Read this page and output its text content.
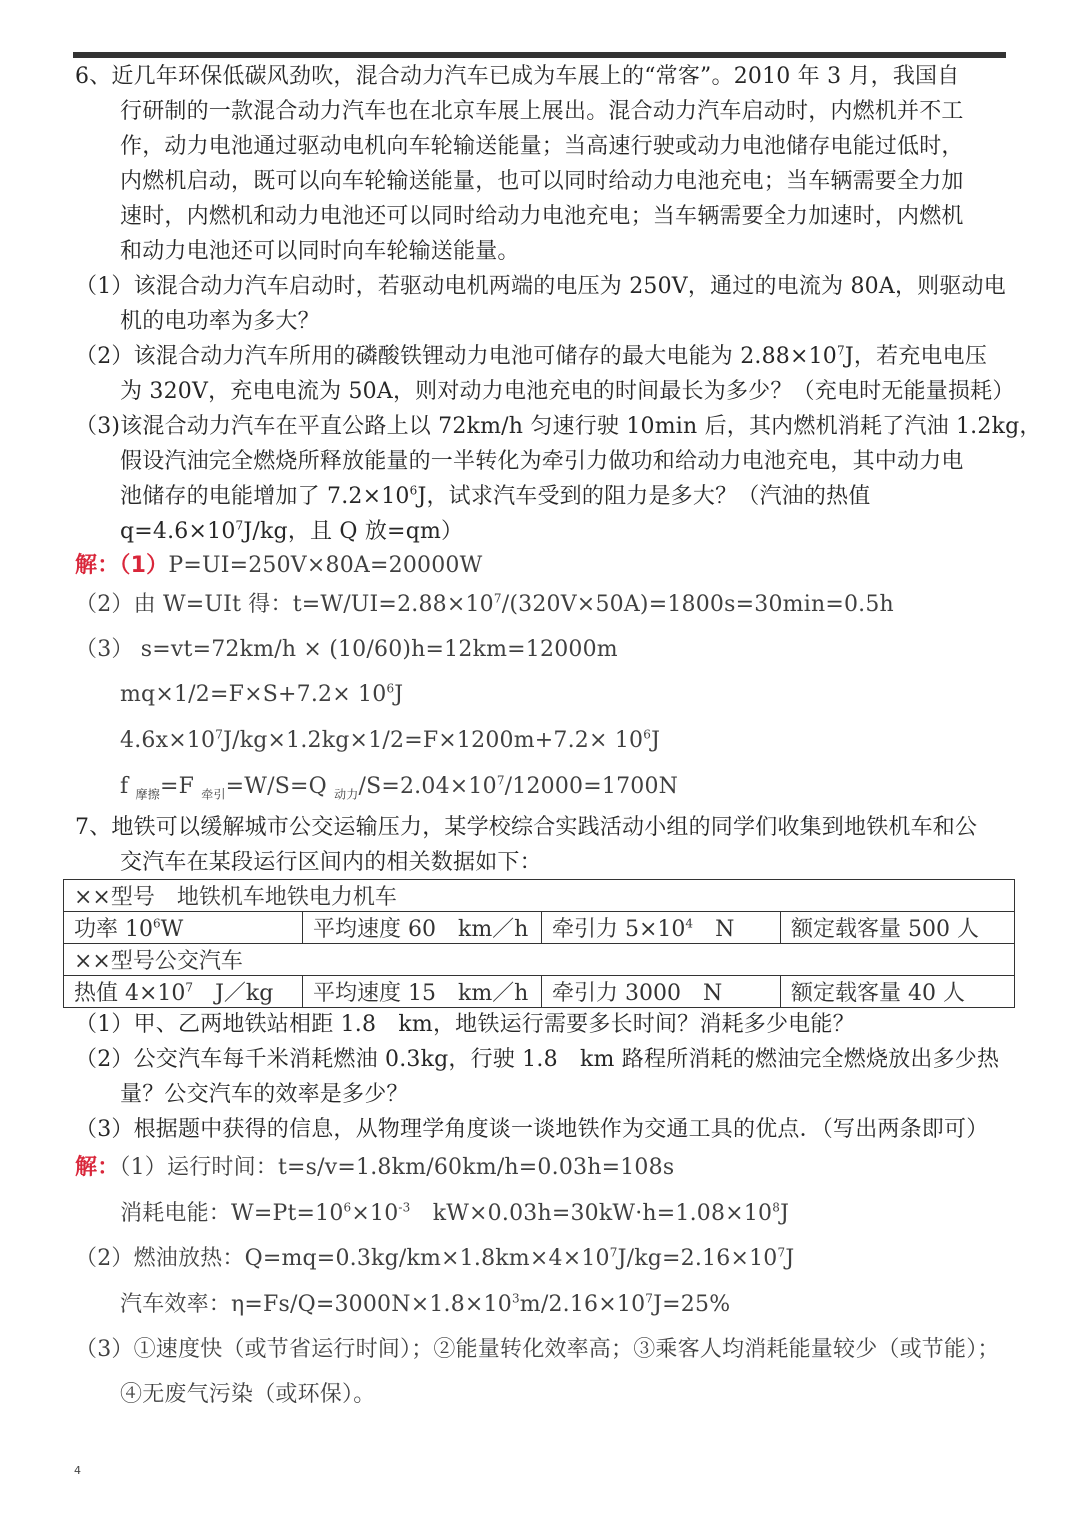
6、近几年环保低碳风劲吹，混合动力汽车已成为车展上的“常客”。2010 年 3 月，我国自
行研制的一款混合动力汽车也在北京车展上展出。混合动力汽车启动时，内燃机并不工
作，动力电池通过驱动电机向车轮输送能量；当高速行驶或动力电池储存电能过低时，
内燃机启动，既可以向车轮输送能量，也可以同时给动力电池充电；当车辆需要全力加
速时，内燃机和动力电池还可以同时给动力电池充电；当车辆需要全力加速时，内燃机
和动力电池还可以同时向车轮输送能量。
（1）该混合动力汽车启动时，若驱动电机两端的电压为 250V，通过的电流为 80A，则驱动电
机的电功率为多大？
（2）该混合动力汽车所用的磷酸铁锂动力电池可储存的最大电能为 $2.88\times 10^7J$，若充电电压
为 320V，充电电流为 50A，则对动力电池充电的时间最长为多少？（充电时无能量损耗）
（3)该混合动力汽车在平直公路上以 72km/h 匀速行驶 10min 后，其内燃机消耗了汽油 1.2kg，
假设汽油完全燃烧所释放能量的一半转化为牵引力做功和给动力电池充电，其中动力电
池储存的电能增加了 $7.2\times 10^6J$，试求汽车受到的阻力是多大？（汽油的热值
$q=4.6\times 10^7J/kg$，且 Q 放=qm）
解：（1）P=UI=250V×80A=20000W
（2）由 W=UIt 得：$t=W/UI=2.88\times 10^7/(320V\times 50A)=1800s=30\min=0.5h$
（3） s=vt=72km/h × (10/60)h=12km=12000m
$mq\times 1/2=F\times S+7.2\times 10^6J$
$4.6x\times 10^7J/kg\times 1.2kg\times 1/2=F\times 1200m+7.2\times 10^6J$
f $_{摩擦}$=F $_{牵引}$=W/S=Q $_{动力}/S=2.04\times 10^7/12000=1700N$
7、地铁可以缓解城市公交运输压力，某学校综合实践活动小组的同学们收集到地铁机车和公
交汽车在某段运行区间内的相关数据如下：
××型号　地铁机车地铁电力机车			
功率 $10^6W$	平均速度 60　km／h	牵引力 $5\times 10^4$　N	额定载客量 500 人
××型号公交汽车			
热值 $4\times 10^7$　J／kg	平均速度 15　km／h	牵引力 3000　N	额定载客量 40 人
（1）甲、乙两地铁站相距 1.8　km，地铁运行需要多长时间？消耗多少电能？
（2）公交汽车每千米消耗燃油 0.3kg，行驶 1.8　km 路程所消耗的燃油完全燃烧放出多少热
量？公交汽车的效率是多少？
（3）根据题中获得的信息，从物理学角度谈一谈地铁作为交通工具的优点．（写出两条即可）
解：（1）运行时间：t=s/v=1.8km/60km/h=0.03h=108s
消耗电能：$W=Pt=10^6\times 10^{-3}$　$kW\times 0.03h=30kW\cdot h=1.08\times 10^8J$
（2）燃油放热：$Q=mq=0.3kg/km\times 1.8km\times 4\times 10^7J/kg=2.16\times 10^7J$
汽车效率：$\eta=Fs/Q=3000N\times 1.8\times 10^3m/2.16\times 10^7J=25\%$
（3）①速度快（或节省运行时间）；②能量转化效率高；③乘客人均消耗能量较少（或节能）；
④无废气污染（或环保）。
4
